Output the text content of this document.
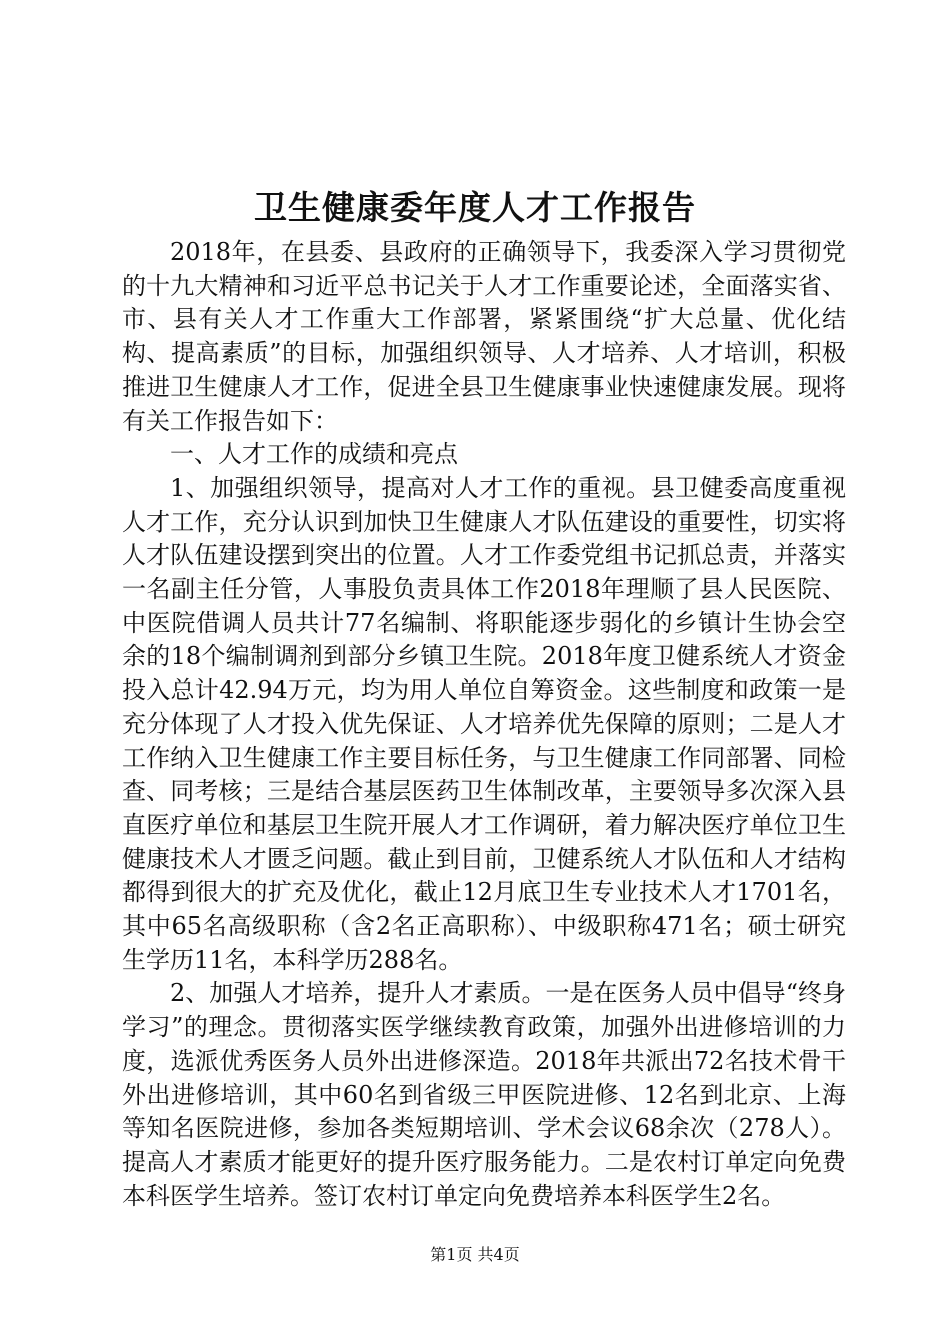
卫生健康委年度人才工作报告

2018年，在县委、县政府的正确领导下，我委深入学习贯彻党的十九大精神和习近平总书记关于人才工作重要论述，全面落实省、市、县有关人才工作重大工作部署，紧紧围绕“扩大总量、优化结构、提高素质”的目标，加强组织领导、人才培养、人才培训，积极推进卫生健康人才工作，促进全县卫生健康事业快速健康发展。现将有关工作报告如下：

一、人才工作的成绩和亮点

1、加强组织领导，提高对人才工作的重视。县卫健委高度重视人才工作，充分认识到加快卫生健康人才队伍建设的重要性，切实将人才队伍建设摆到突出的位置。人才工作委党组书记抓总责，并落实一名副主任分管，人事股负责具体工作2018年理顺了县人民医院、中医院借调人员共计77名编制、将职能逐步弱化的乡镇计生协会空余的18个编制调剂到部分乡镇卫生院。2018年度卫健系统人才资金投入总计42.94万元，均为用人单位自筹资金。这些制度和政策一是充分体现了人才投入优先保证、人才培养优先保障的原则；二是人才工作纳入卫生健康工作主要目标任务，与卫生健康工作同部署、同检查、同考核；三是结合基层医药卫生体制改革，主要领导多次深入县直医疗单位和基层卫生院开展人才工作调研，着力解决医疗单位卫生健康技术人才匮乏问题。截止到目前，卫健系统人才队伍和人才结构都得到很大的扩充及优化，截止12月底卫生专业技术人才1701名，其中65名高级职称（含2名正高职称）、中级职称471名；硕士研究生学历11名，本科学历288名。

2、加强人才培养，提升人才素质。一是在医务人员中倡导“终身学习”的理念。贯彻落实医学继续教育政策，加强外出进修培训的力度，选派优秀医务人员外出进修深造。2018年共派出72名技术骨干外出进修培训，其中60名到省级三甲医院进修、12名到北京、上海等知名医院进修，参加各类短期培训、学术会议68余次（278人）。提高人才素质才能更好的提升医疗服务能力。二是农村订单定向免费本科医学生培养。签订农村订单定向免费培养本科医学生2名。

第1页 共4页
